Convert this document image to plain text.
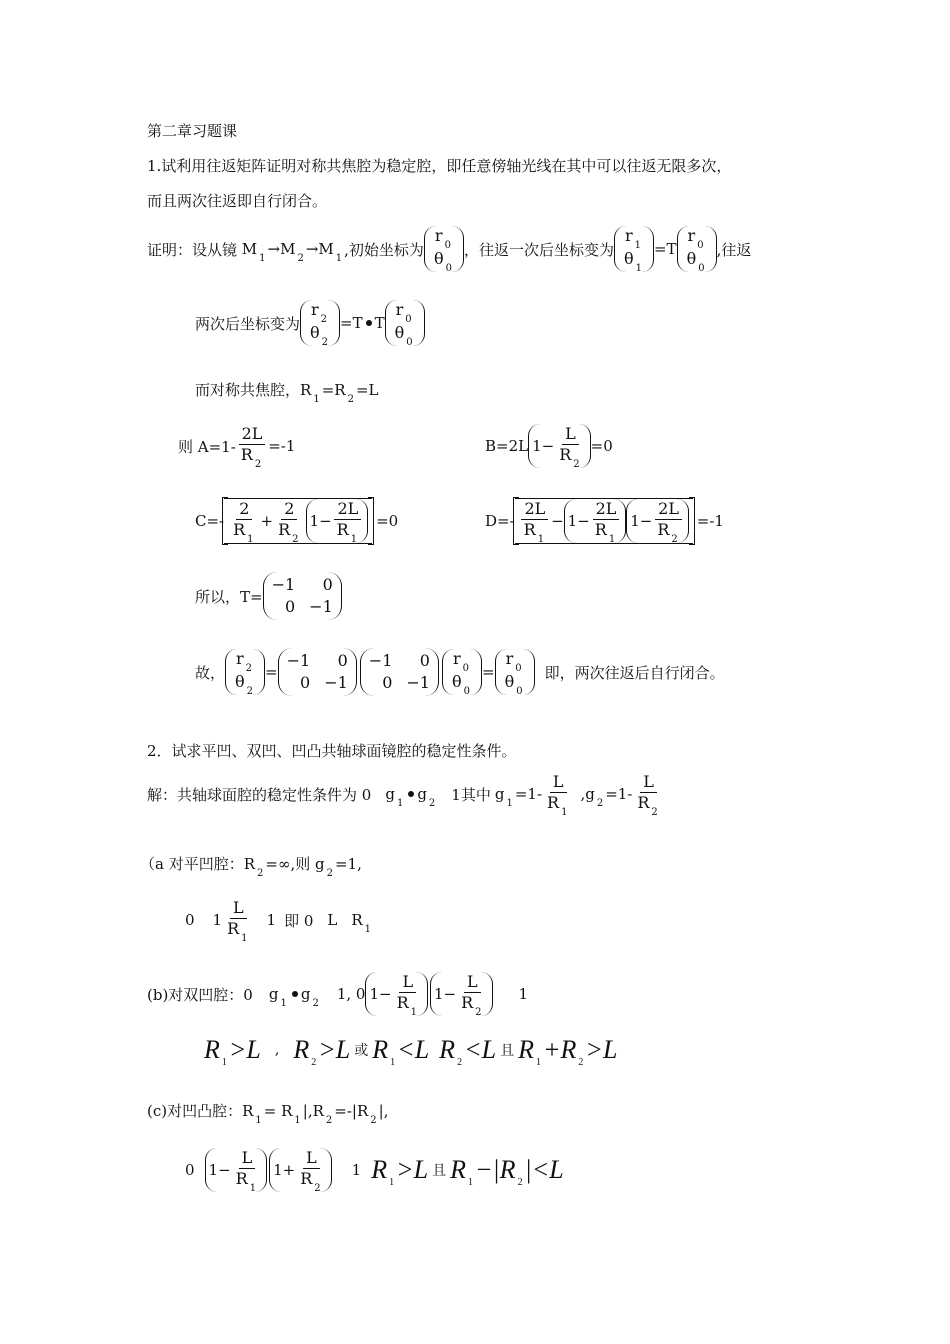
第二章习题课
1.试利用往返矩阵证明对称共焦腔为稳定腔，即任意傍轴光线在其中可以往返无限多次，
而且两次往返即自行闭合。
证明：设从镜 $M_1\to M_2\to M_1$ ,初始坐标为
$r_0$
$\theta_0$
，往返一次后坐标变为
$r_1$
$\theta_1$
=T
$r_0$
$\theta_0$
,往返
两次后坐标变为
$r_2$
$\theta_2$
=T T
$r_0$
$\theta_0$
而对称共焦腔，$R_1=R_2=L$
则 $A=1- \frac{2L}{R_2} =-1$	B=2L $1- \frac{L}{R_2} =0$
$C=- \frac{2}{R_1} + \frac{2}{R_2} 1- \frac{2L}{R_1} =0$	$D=- \frac{2L}{R_1} - 1- \frac{2L}{R_1} 1- \frac{2L}{R_2} =-1$
所以，T=
−1	0
0 −1
故，
$r_2$
$\theta_2$
=
−1	0
0 −1
−1	0
0 −1
$r_0$
$\theta_0$
=
$r_0$
$\theta_0$
即，两次往返后自行闭合。
2．试求平凹、双凹、凹凸共轴球面镜腔的稳定性条件。
解：共轴球面腔的稳定性条件为 0 $g_1$
$g_2$ 1其中 $g_1=1- \frac{L}{R_1} ,g_2=1- \frac{L}{R_2}$
（a 对平凹腔：$R_2=\infty$,则 $g_2=1$,
0 $1 \frac{L}{R_1} 1$ 即 0 L $R_1$
(b)对双凹腔：0 $g_1$
$g_2$
1, 0 $1- \frac{L}{R_1} 1- \frac{L}{R_2} 1$
R $_1$>L , R $_2$>L 或 R $_1$<L R $_2$<L 且 R $_1$+R $_2$>L
(c)对凹凸腔：$R_1= R_1|,R_2=-|R_2|$,
0 $1- \frac{L}{R_1} 1+ \frac{L}{R_2} 1$ R $_1$>L 且 R $_1$−|R $_2$|<L
